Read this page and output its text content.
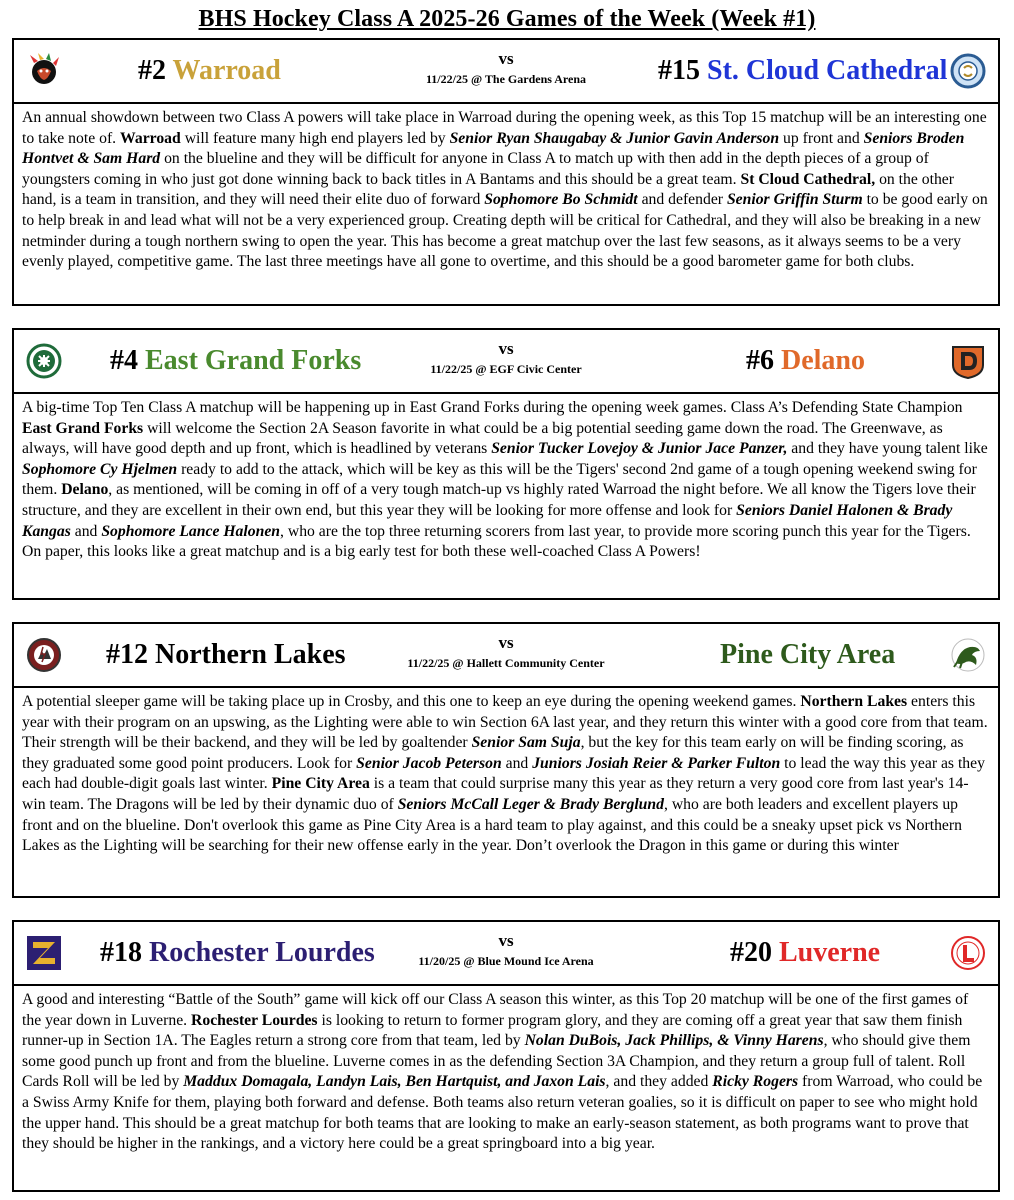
BHS Hockey Class A 2025-26 Games of the Week (Week #1)
#2 Warroad	vs
11/22/25 @ The Gardens Arena	#15 St. Cloud Cathedral
An annual showdown between two Class A powers will take place in Warroad during the opening week, as this Top 15 matchup will be an interesting one to take note of. Warroad will feature many high end players led by Senior Ryan Shaugabay & Junior Gavin Anderson up front and Seniors Broden Hontvet & Sam Hard on the blueline and they will be difficult for anyone in Class A to match up with then add in the depth pieces of a group of youngsters coming in who just got done winning back to back titles in A Bantams and this should be a great team. St Cloud Cathedral, on the other hand, is a team in transition, and they will need their elite duo of forward Sophomore Bo Schmidt and defender Senior Griffin Sturm to be good early on to help break in and lead what will not be a very experienced group. Creating depth will be critical for Cathedral, and they will also be breaking in a new netminder during a tough northern swing to open the year. This has become a great matchup over the last few seasons, as it always seems to be a very evenly played, competitive game. The last three meetings have all gone to overtime, and this should be a good barometer game for both clubs.
#4 East Grand Forks	vs
11/22/25 @ EGF Civic Center	#6 Delano
A big-time Top Ten Class A matchup will be happening up in East Grand Forks during the opening week games. Class A’s Defending State Champion East Grand Forks will welcome the Section 2A Season favorite in what could be a big potential seeding game down the road. The Greenwave, as always, will have good depth and up front, which is headlined by veterans Senior Tucker Lovejoy & Junior Jace Panzer, and they have young talent like Sophomore Cy Hjelmen ready to add to the attack, which will be key as this will be the Tigers' second 2nd game of a tough opening weekend swing for them. Delano, as mentioned, will be coming in off of a very tough match-up vs highly rated Warroad the night before. We all know the Tigers love their structure, and they are excellent in their own end, but this year they will be looking for more offense and look for Seniors Daniel Halonen & Brady Kangas and Sophomore Lance Halonen, who are the top three returning scorers from last year, to provide more scoring punch this year for the Tigers. On paper, this looks like a great matchup and is a big early test for both these well-coached Class A Powers!
#12 Northern Lakes	vs
11/22/25 @ Hallett Community Center	Pine City Area
A potential sleeper game will be taking place up in Crosby, and this one to keep an eye during the opening weekend games. Northern Lakes enters this year with their program on an upswing, as the Lighting were able to win Section 6A last year, and they return this winter with a good core from that team. Their strength will be their backend, and they will be led by goaltender Senior Sam Suja, but the key for this team early on will be finding scoring, as they graduated some good point producers. Look for Senior Jacob Peterson and Juniors Josiah Reier & Parker Fulton to lead the way this year as they each had double-digit goals last winter. Pine City Area is a team that could surprise many this year as they return a very good core from last year's 14-win team. The Dragons will be led by their dynamic duo of Seniors McCall Leger & Brady Berglund, who are both leaders and excellent players up front and on the blueline. Don't overlook this game as Pine City Area is a hard team to play against, and this could be a sneaky upset pick vs Northern Lakes as the Lighting will be searching for their new offense early in the year. Don’t overlook the Dragon in this game or during this winter
#18 Rochester Lourdes	vs
11/20/25 @ Blue Mound Ice Arena	#20 Luverne
A good and interesting “Battle of the South” game will kick off our Class A season this winter, as this Top 20 matchup will be one of the first games of the year down in Luverne. Rochester Lourdes is looking to return to former program glory, and they are coming off a great year that saw them finish runner-up in Section 1A. The Eagles return a strong core from that team, led by Nolan DuBois, Jack Phillips, & Vinny Harens, who should give them some good punch up front and from the blueline. Luverne comes in as the defending Section 3A Champion, and they return a group full of talent. Roll Cards Roll will be led by Maddux Domagala, Landyn Lais, Ben Hartquist, and Jaxon Lais, and they added Ricky Rogers from Warroad, who could be a Swiss Army Knife for them, playing both forward and defense. Both teams also return veteran goalies, so it is difficult on paper to see who might hold the upper hand. This should be a great matchup for both teams that are looking to make an early-season statement, as both programs want to prove that they should be higher in the rankings, and a victory here could be a great springboard into a big year.
